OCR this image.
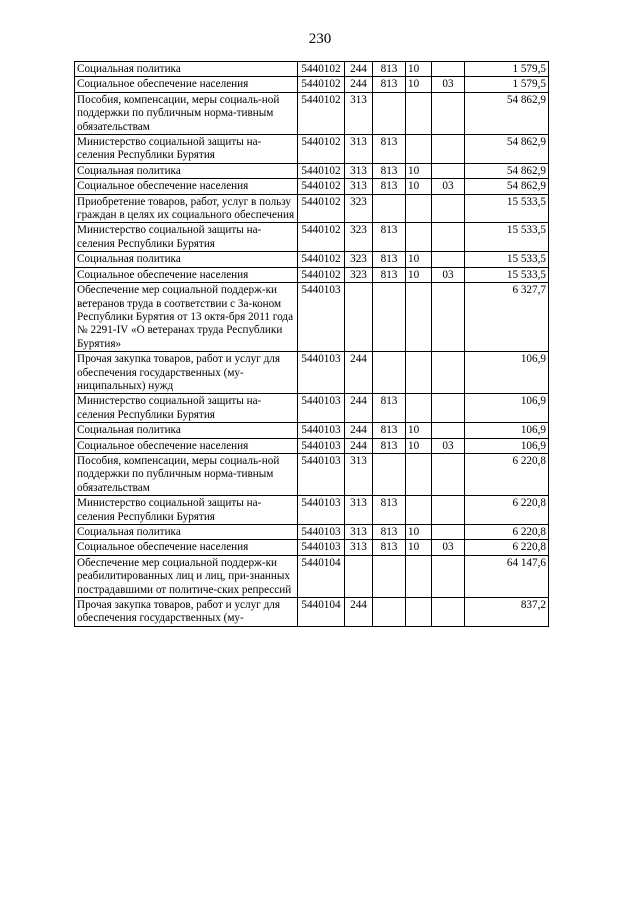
230
Социальная политика	5440102	244	813	10		1 579,5
Социальное обеспечение населения	5440102	244	813	10	03	1 579,5
Пособия, компенсации, меры социаль-ной поддержки по публичным норма-тивным обязательствам	5440102	313				54 862,9
Министерство социальной защиты на-селения Республики Бурятия	5440102	313	813			54 862,9
Социальная политика	5440102	313	813	10		54 862,9
Социальное обеспечение населения	5440102	313	813	10	03	54 862,9
Приобретение товаров, работ, услуг в пользу граждан в целях их социального обеспечения	5440102	323				15 533,5
Министерство социальной защиты на-селения Республики Бурятия	5440102	323	813			15 533,5
Социальная политика	5440102	323	813	10		15 533,5
Социальное обеспечение населения	5440102	323	813	10	03	15 533,5
Обеспечение мер социальной поддерж-ки ветеранов труда в соответствии с За-коном Республики Бурятия от 13 октя-бря 2011 года № 2291-IV «О ветеранах труда Республики Бурятия»	5440103					6 327,7
Прочая закупка товаров, работ и услуг для обеспечения государственных (му-ниципальных) нужд	5440103	244				106,9
Министерство социальной защиты на-селения Республики Бурятия	5440103	244	813			106,9
Социальная политика	5440103	244	813	10		106,9
Социальное обеспечение населения	5440103	244	813	10	03	106,9
Пособия, компенсации, меры социаль-ной поддержки по публичным норма-тивным обязательствам	5440103	313				6 220,8
Министерство социальной защиты на-селения Республики Бурятия	5440103	313	813			6 220,8
Социальная политика	5440103	313	813	10		6 220,8
Социальное обеспечение населения	5440103	313	813	10	03	6 220,8
Обеспечение мер социальной поддерж-ки реабилитированных лиц и лиц, при-знанных пострадавшими от политиче-ских репрессий	5440104					64 147,6
Прочая закупка товаров, работ и услуг для обеспечения государственных (му-	5440104	244				837,2
